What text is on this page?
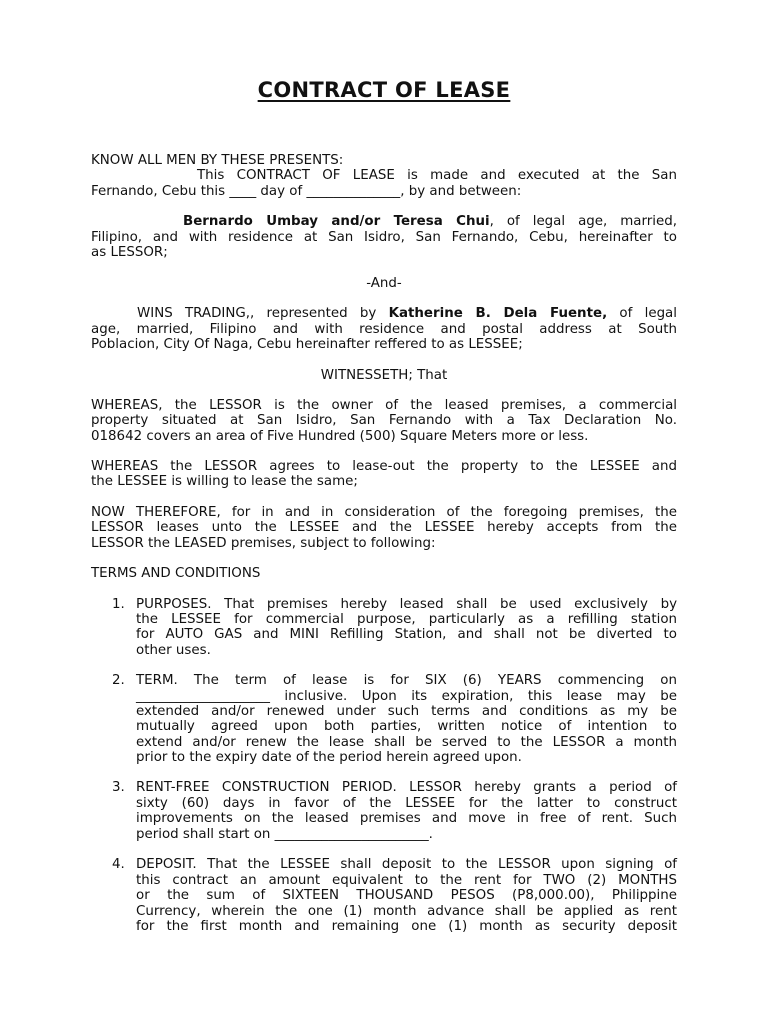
CONTRACT OF LEASE
KNOW ALL MEN BY THESE PRESENTS:
This CONTRACT OF LEASE is made and executed at the San
Fernando, Cebu this ____ day of ______________, by and between:
Bernardo Umbay and/or Teresa Chui, of legal age, married,
Filipino, and with residence at San Isidro, San Fernando, Cebu, hereinafter to
as LESSOR;
-And-
WINS TRADING,, represented by Katherine B. Dela Fuente, of legal
age, married, Filipino and with residence and postal address at South
Poblacion, City Of Naga, Cebu hereinafter reffered to as LESSEE;
WITNESSETH; That
WHEREAS, the LESSOR is the owner of the leased premises, a commercial
property situated at San Isidro, San Fernando with a Tax Declaration No.
018642 covers an area of Five Hundred (500) Square Meters more or less.
WHEREAS the LESSOR agrees to lease-out the property to the LESSEE and
the LESSEE is willing to lease the same;
NOW THEREFORE, for in and in consideration of the foregoing premises, the
LESSOR leases unto the LESSEE and the LESSEE hereby accepts from the
LESSOR the LEASED premises, subject to following:
TERMS AND CONDITIONS
1. PURPOSES. That premises hereby leased shall be used exclusively by
the LESSEE for commercial purpose, particularly as a refilling station
for AUTO GAS and MINI Refilling Station, and shall not be diverted to
other uses.
2. TERM. The term of lease is for SIX (6) YEARS commencing on
____________________ inclusive. Upon its expiration, this lease may be
extended and/or renewed under such terms and conditions as my be
mutually agreed upon both parties, written notice of intention to
extend and/or renew the lease shall be served to the LESSOR a month
prior to the expiry date of the period herein agreed upon.
3. RENT-FREE CONSTRUCTION PERIOD. LESSOR hereby grants a period of
sixty (60) days in favor of the LESSEE for the latter to construct
improvements on the leased premises and move in free of rent. Such
period shall start on _______________________.
4. DEPOSIT. That the LESSEE shall deposit to the LESSOR upon signing of
this contract an amount equivalent to the rent for TWO (2) MONTHS
or the sum of SIXTEEN THOUSAND PESOS (P8,000.00), Philippine
Currency, wherein the one (1) month advance shall be applied as rent
for the first month and remaining one (1) month as security deposit
